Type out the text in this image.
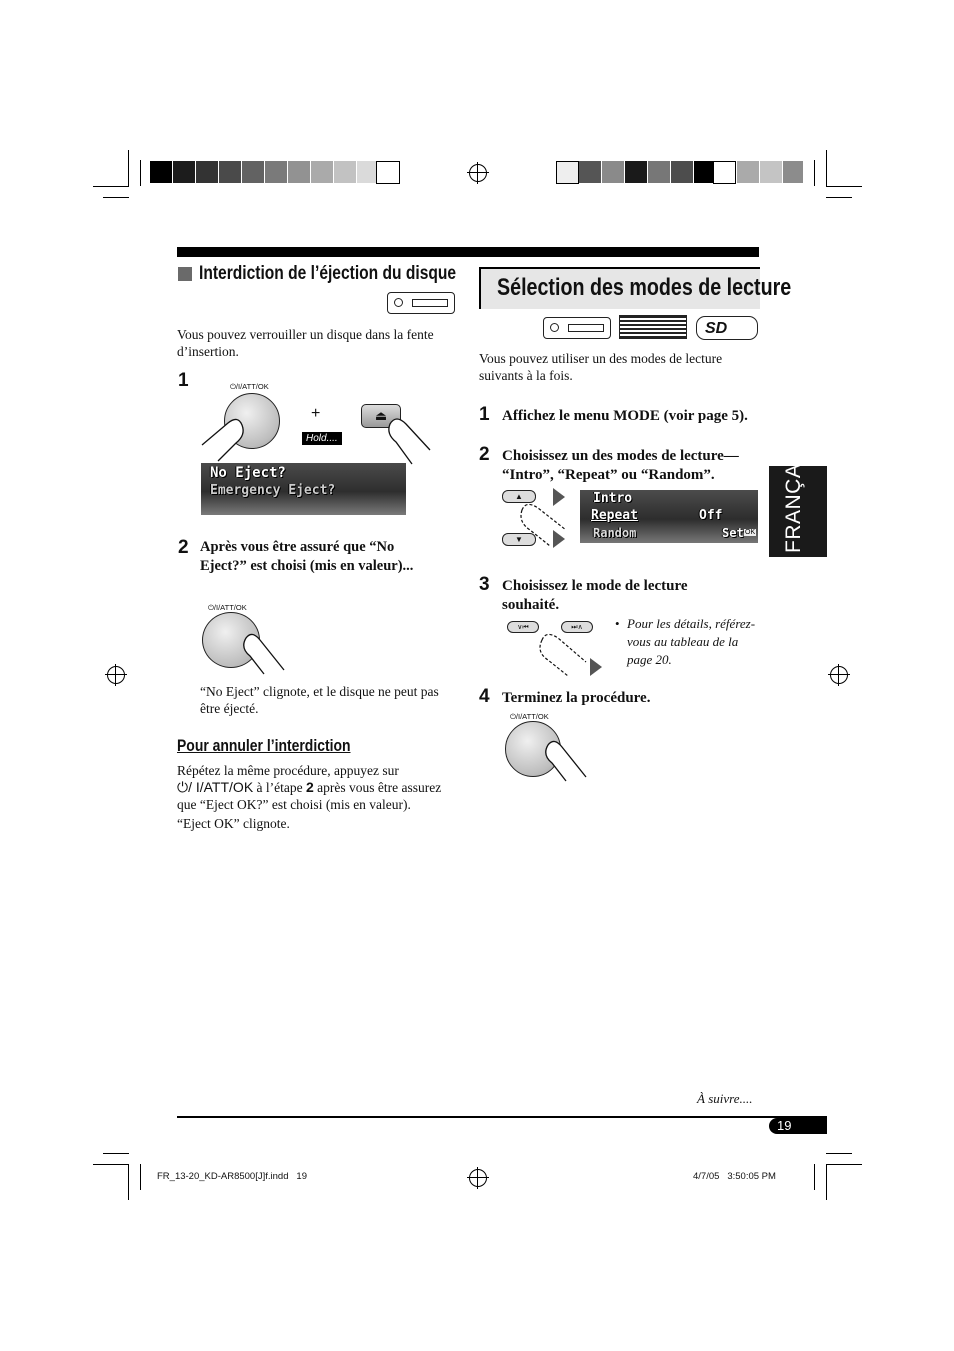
Interdiction de l’éjection du disque
Vous pouvez verrouiller un disque dans la fente d’insertion.
1	⏻/I/ATT/OK
+
Hold....
⏏
No Eject?
Emergency Eject?
2 Après vous être assuré que “No Eject?” est choisi (mis en valeur)...
⏻/I/ATT/OK
“No Eject” clignote, et le disque ne peut pas être éjecté.
Pour annuler l’interdiction
Répétez la même procédure, appuyez sur
⏻/ I/ATT/OK à l’étape 2 après vous être assurez
que “Eject OK?” est choisi (mis en valeur).
“Eject OK” clignote.
Sélection des modes de lecture
SD
Vous pouvez utiliser un des modes de lecture suivants à la fois.
1 Affichez le menu MODE (voir page 5).
2 Choisissez un des modes de lecture— “Intro”, “Repeat” ou “Random”.
▲
▼
Intro
Repeat
Random
Off
Set OK
3 Choisissez le mode de lecture souhaité.
∨⏮	⏭∧	• Pour les détails, référez-vous au tableau de la page 20.
4 Terminez la procédure.
⏻/I/ATT/OK
FRANÇAIS
À suivre....
19
FR_13-20_KD-AR8500[J]f.indd   19	4/7/05   3:50:05 PM
